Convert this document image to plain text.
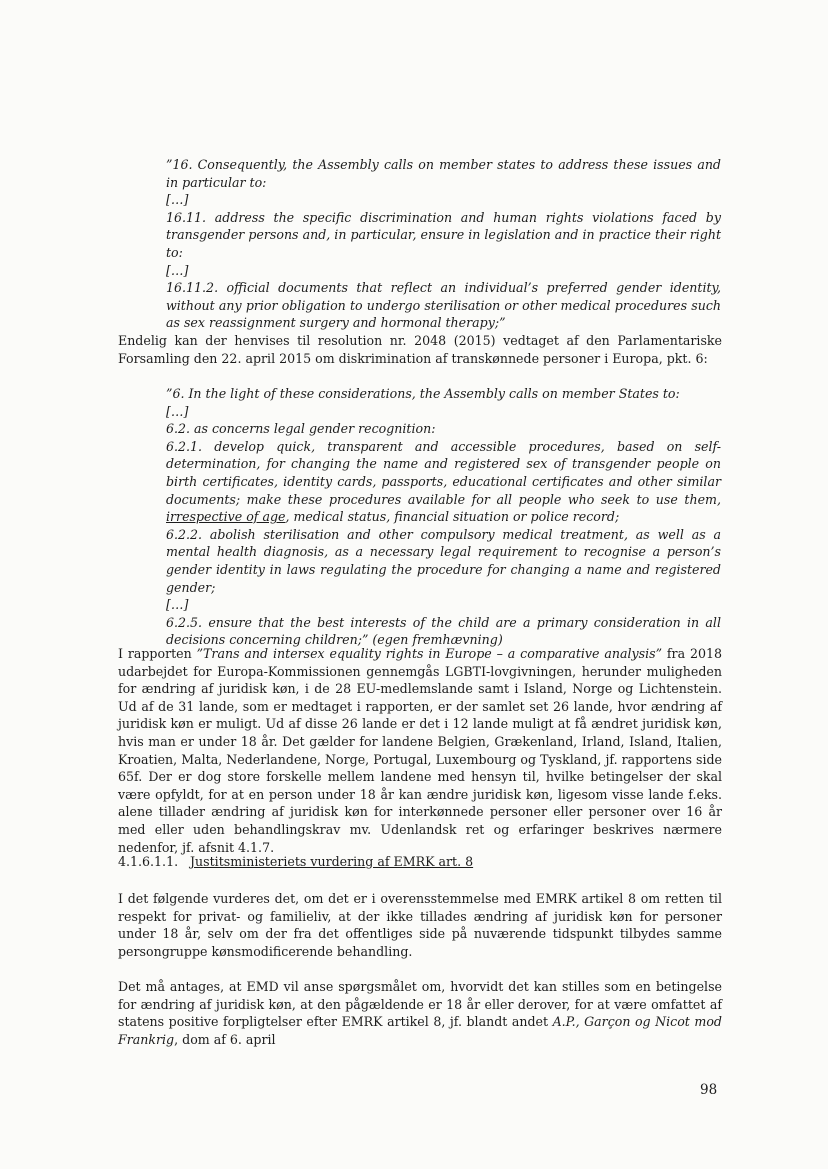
”16. Consequently, the Assembly calls on member states to address these issues and in particular to:

[…]

16.11. address the specific discrimination and human rights violations faced by transgender persons and, in particular, ensure in legislation and in practice their right to:

[…]

16.11.2. official documents that reflect an individual’s preferred gender identity, without any prior obligation to undergo sterilisation or other medical procedures such as sex reassignment surgery and hormonal therapy;”

Endelig kan der henvises til resolution nr. 2048 (2015) vedtaget af den Parlamentariske Forsamling den 22. april 2015 om diskrimination af transkønnede personer i Europa, pkt. 6:

”6. In the light of these considerations, the Assembly calls on member States to:

[…]

6.2. as concerns legal gender recognition:

6.2.1. develop quick, transparent and accessible procedures, based on self-determination, for changing the name and registered sex of transgender people on birth certificates, identity cards, passports, educational certificates and other similar documents; make these procedures available for all people who seek to use them, irrespective of age, medical status, financial situation or police record;

6.2.2. abolish sterilisation and other compulsory medical treatment, as well as a mental health diagnosis, as a necessary legal requirement to recognise a person’s gender identity in laws regulating the procedure for changing a name and registered gender;

[…]

6.2.5. ensure that the best interests of the child are a primary consideration in all decisions concerning children;” (egen fremhævning)

I rapporten ”Trans and intersex equality rights in Europe – a comparative analysis” fra 2018 udarbejdet for Europa-Kommissionen gennemgås LGBTI-lovgivningen, herunder muligheden for ændring af juridisk køn, i de 28 EU-medlemslande samt i Island, Norge og Lichtenstein. Ud af de 31 lande, som er medtaget i rapporten, er der samlet set 26 lande, hvor ændring af juridisk køn er muligt. Ud af disse 26 lande er det i 12 lande muligt at få ændret juridisk køn, hvis man er under 18 år. Det gælder for landene Belgien, Grækenland, Irland, Island, Italien, Kroatien, Malta, Nederlandene, Norge, Portugal, Luxembourg og Tyskland, jf. rapportens side 65f. Der er dog store forskelle mellem landene med hensyn til, hvilke betingelser der skal være opfyldt, for at en person under 18 år kan ændre juridisk køn, ligesom visse lande f.eks. alene tillader ændring af juridisk køn for interkønnede personer eller personer over 16 år med eller uden behandlingskrav mv. Udenlandsk ret og erfaringer beskrives nærmere nedenfor, jf. afsnit 4.1.7.

4.1.6.1.1. Justitsministeriets vurdering af EMRK art. 8

I det følgende vurderes det, om det er i overensstemmelse med EMRK artikel 8 om retten til respekt for privat- og familieliv, at der ikke tillades ændring af juridisk køn for personer under 18 år, selv om der fra det offentliges side på nuværende tidspunkt tilbydes samme persongruppe kønsmodificerende behandling.

Det må antages, at EMD vil anse spørgsmålet om, hvorvidt det kan stilles som en betingelse for ændring af juridisk køn, at den pågældende er 18 år eller derover, for at være omfattet af statens positive forpligtelser efter EMRK artikel 8, jf. blandt andet A.P., Garçon og Nicot mod Frankrig, dom af 6. april

98
